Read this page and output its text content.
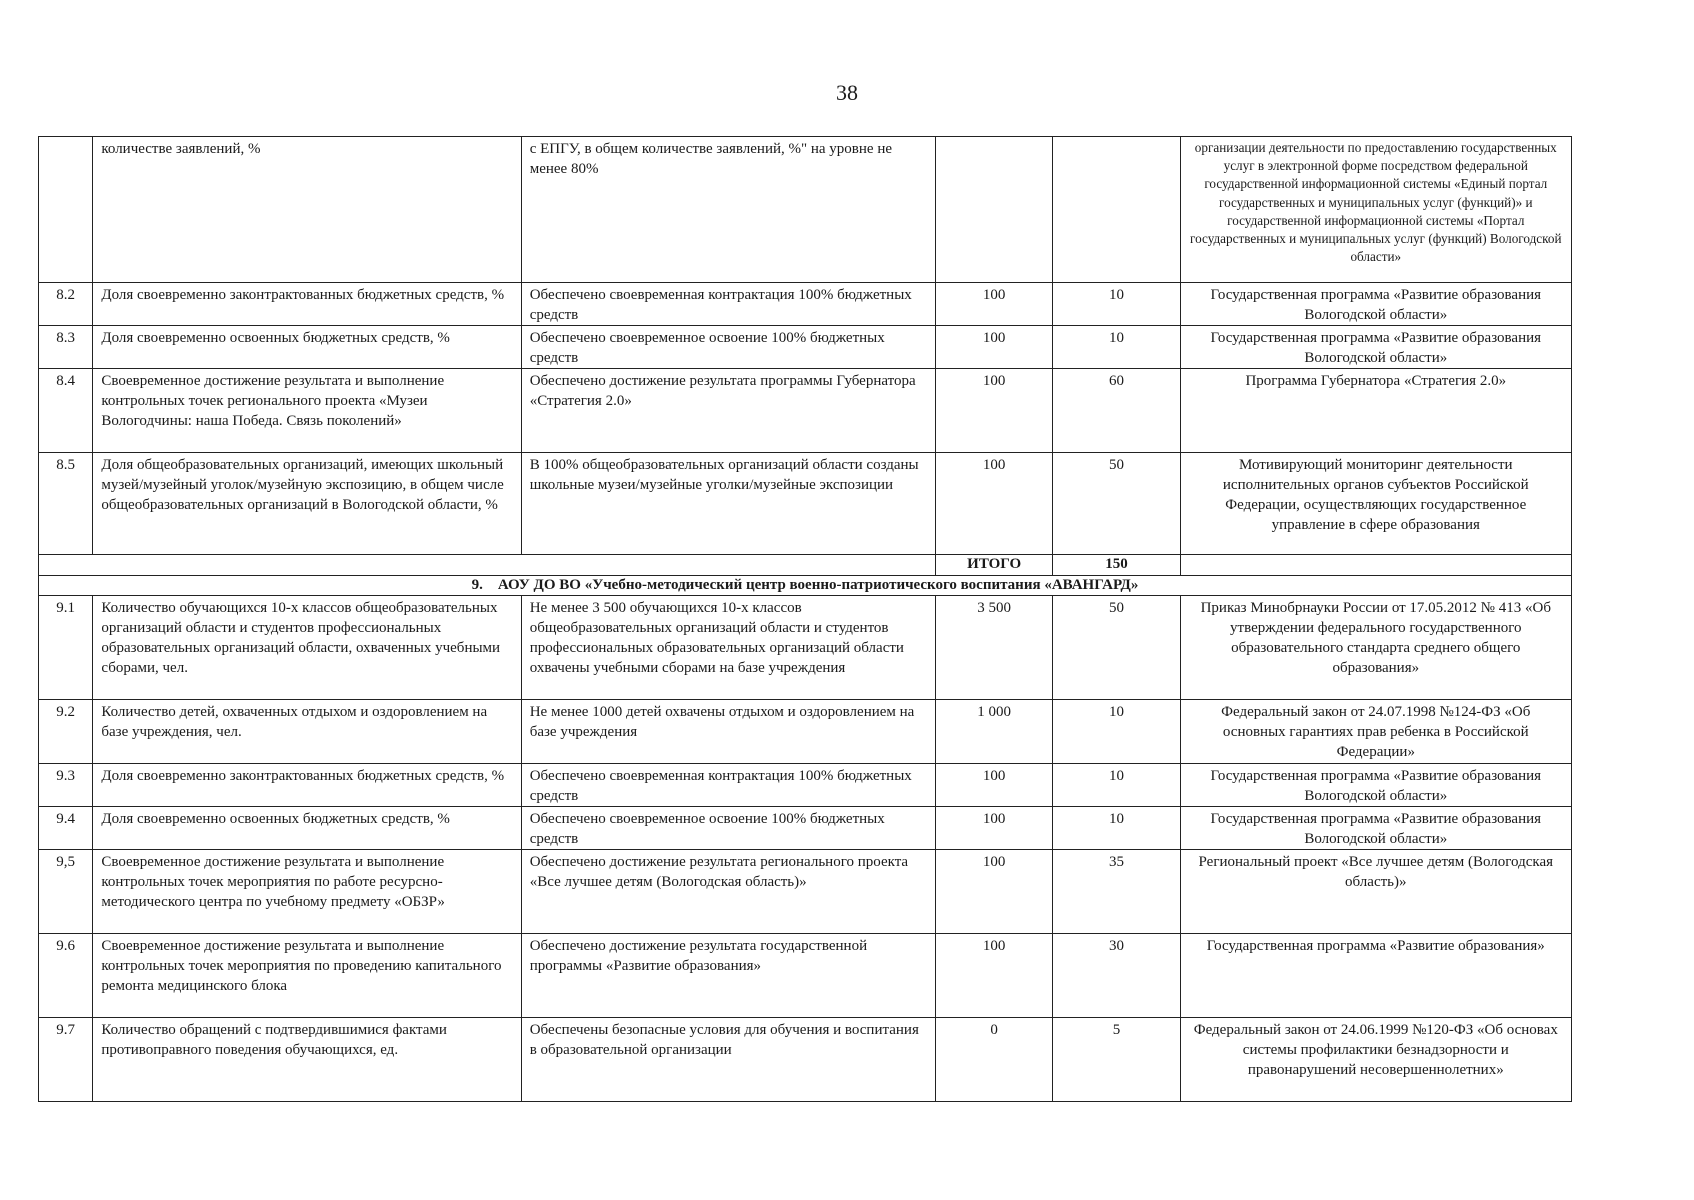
38
	количестве заявлений, %	с ЕПГУ, в общем количестве заявлений, %" на уровне не менее 80%			организации деятельности по предоставлению государственных услуг в электронной форме посредством федеральной государственной информационной системы «Единый портал государственных и муниципальных услуг (функций)» и государственной информационной системы «Портал государственных и муниципальных услуг (функций) Вологодской области»
8.2	Доля своевременно законтрактованных бюджетных средств, %	Обеспечено своевременная контрактация 100% бюджетных средств	100	10	Государственная программа «Развитие образования Вологодской области»
8.3	Доля своевременно освоенных бюджетных средств, %	Обеспечено своевременное освоение 100% бюджетных средств	100	10	Государственная программа «Развитие образования Вологодской области»
8.4	Своевременное достижение результата и выполнение контрольных точек регионального проекта «Музеи Вологодчины: наша Победа. Связь поколений»	Обеспечено достижение результата программы Губернатора «Стратегия 2.0»	100	60	Программа Губернатора «Стратегия 2.0»
8.5	Доля общеобразовательных организаций, имеющих школьный музей/музейный уголок/музейную экспозицию, в общем числе общеобразовательных организаций в Вологодской области, %	В 100% общеобразовательных организаций области созданы школьные музеи/музейные уголки/музейные экспозиции	100	50	Мотивирующий мониторинг деятельности исполнительных органов субъектов Российской Федерации, осуществляющих государственное управление в сфере образования
			ИТОГО	150	
9. АОУ ДО ВО «Учебно-методический центр военно-патриотического воспитания «АВАНГАРД»					
9.1	Количество обучающихся 10-х классов общеобразовательных организаций области и студентов профессиональных образовательных организаций области, охваченных учебными сборами, чел.	Не менее 3 500 обучающихся 10-х классов общеобразовательных организаций области и студентов профессиональных образовательных организаций области охвачены учебными сборами на базе учреждения	3 500	50	Приказ Минобрнауки России от 17.05.2012 № 413 «Об утверждении федерального государственного образовательного стандарта среднего общего образования»
9.2	Количество детей, охваченных отдыхом и оздоровлением на базе учреждения, чел.	Не менее 1000 детей охвачены отдыхом и оздоровлением на базе учреждения	1 000	10	Федеральный закон от 24.07.1998 №124-ФЗ «Об основных гарантиях прав ребенка в Российской Федерации»
9.3	Доля своевременно законтрактованных бюджетных средств, %	Обеспечено своевременная контрактация 100% бюджетных средств	100	10	Государственная программа «Развитие образования Вологодской области»
9.4	Доля своевременно освоенных бюджетных средств, %	Обеспечено своевременное освоение 100% бюджетных средств	100	10	Государственная программа «Развитие образования Вологодской области»
9,5	Своевременное достижение результата и выполнение контрольных точек мероприятия по работе ресурсно-методического центра по учебному предмету «ОБЗР»	Обеспечено достижение результата регионального проекта «Все лучшее детям (Вологодская область)»	100	35	Региональный проект «Все лучшее детям (Вологодская область)»
9.6	Своевременное достижение результата и выполнение контрольных точек мероприятия по проведению капитального ремонта медицинского блока	Обеспечено достижение результата государственной программы «Развитие образования»	100	30	Государственная программа «Развитие образования»
9.7	Количество обращений с подтвердившимися фактами противоправного поведения обучающихся, ед.	Обеспечены безопасные условия для обучения и воспитания в образовательной организации	0	5	Федеральный закон от 24.06.1999 №120-ФЗ «Об основах системы профилактики безнадзорности и правонарушений несовершеннолетних»
